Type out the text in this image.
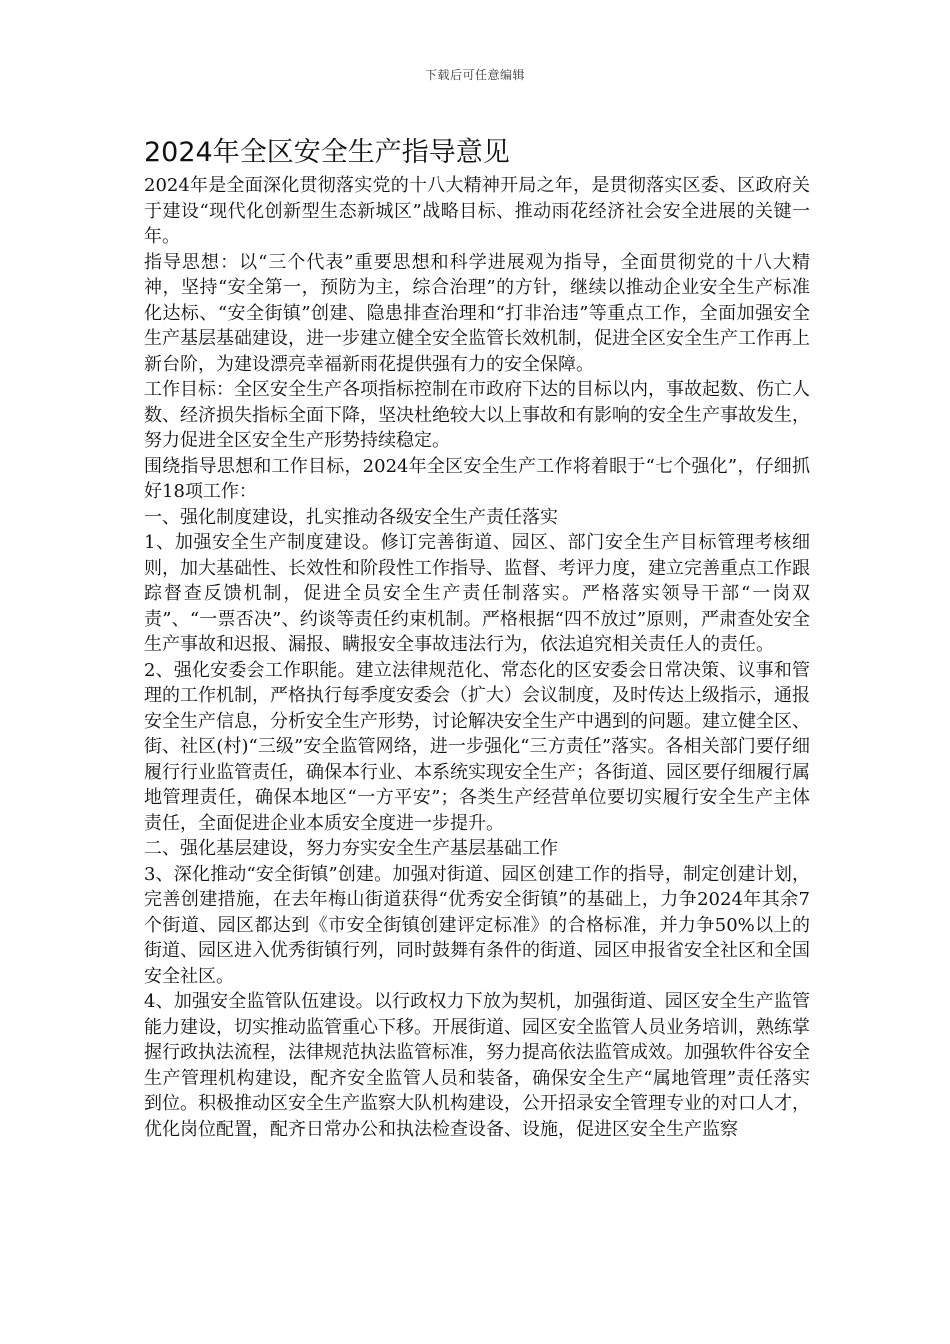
下载后可任意编辑
2024年全区安全生产指导意见

2024年是全面深化贯彻落实党的十八大精神开局之年，是贯彻落实区委、区政府关于建设“现代化创新型生态新城区”战略目标、推动雨花经济社会安全进展的关键一年。

指导思想：以“三个代表”重要思想和科学进展观为指导，全面贯彻党的十八大精神，坚持“安全第一，预防为主，综合治理”的方针，继续以推动企业安全生产标准化达标、“安全街镇”创建、隐患排查治理和“打非治违”等重点工作，全面加强安全生产基层基础建设，进一步建立健全安全监管长效机制，促进全区安全生产工作再上新台阶，为建设漂亮幸福新雨花提供强有力的安全保障。

工作目标：全区安全生产各项指标控制在市政府下达的目标以内，事故起数、伤亡人数、经济损失指标全面下降，坚决杜绝较大以上事故和有影响的安全生产事故发生，努力促进全区安全生产形势持续稳定。

围绕指导思想和工作目标，2024年全区安全生产工作将着眼于“七个强化”，仔细抓好18项工作：

一、强化制度建设，扎实推动各级安全生产责任落实

1、加强安全生产制度建设。修订完善街道、园区、部门安全生产目标管理考核细则，加大基础性、长效性和阶段性工作指导、监督、考评力度，建立完善重点工作跟踪督查反馈机制，促进全员安全生产责任制落实。严格落实领导干部“一岗双责”、“一票否决”、约谈等责任约束机制。严格根据“四不放过”原则，严肃查处安全生产事故和迟报、漏报、瞒报安全事故违法行为，依法追究相关责任人的责任。

2、强化安委会工作职能。建立法律规范化、常态化的区安委会日常决策、议事和管理的工作机制，严格执行每季度安委会（扩大）会议制度，及时传达上级指示，通报安全生产信息，分析安全生产形势，讨论解决安全生产中遇到的问题。建立健全区、街、社区(村)“三级”安全监管网络，进一步强化“三方责任”落实。各相关部门要仔细履行行业监管责任，确保本行业、本系统实现安全生产；各街道、园区要仔细履行属地管理责任，确保本地区“一方平安”；各类生产经营单位要切实履行安全生产主体责任，全面促进企业本质安全度进一步提升。

二、强化基层建设，努力夯实安全生产基层基础工作

3、深化推动“安全街镇”创建。加强对街道、园区创建工作的指导，制定创建计划，完善创建措施，在去年梅山街道获得“优秀安全街镇”的基础上，力争2024年其余7个街道、园区都达到《市安全街镇创建评定标准》的合格标准，并力争50%以上的街道、园区进入优秀街镇行列，同时鼓舞有条件的街道、园区申报省安全社区和全国安全社区。

4、加强安全监管队伍建设。以行政权力下放为契机，加强街道、园区安全生产监管能力建设，切实推动监管重心下移。开展街道、园区安全监管人员业务培训，熟练掌握行政执法流程，法律规范执法监管标准，努力提高依法监管成效。加强软件谷安全生产管理机构建设，配齐安全监管人员和装备，确保安全生产“属地管理”责任落实到位。积极推动区安全生产监察大队机构建设，公开招录安全管理专业的对口人才，优化岗位配置，配齐日常办公和执法检查设备、设施，促进区安全生产监察
